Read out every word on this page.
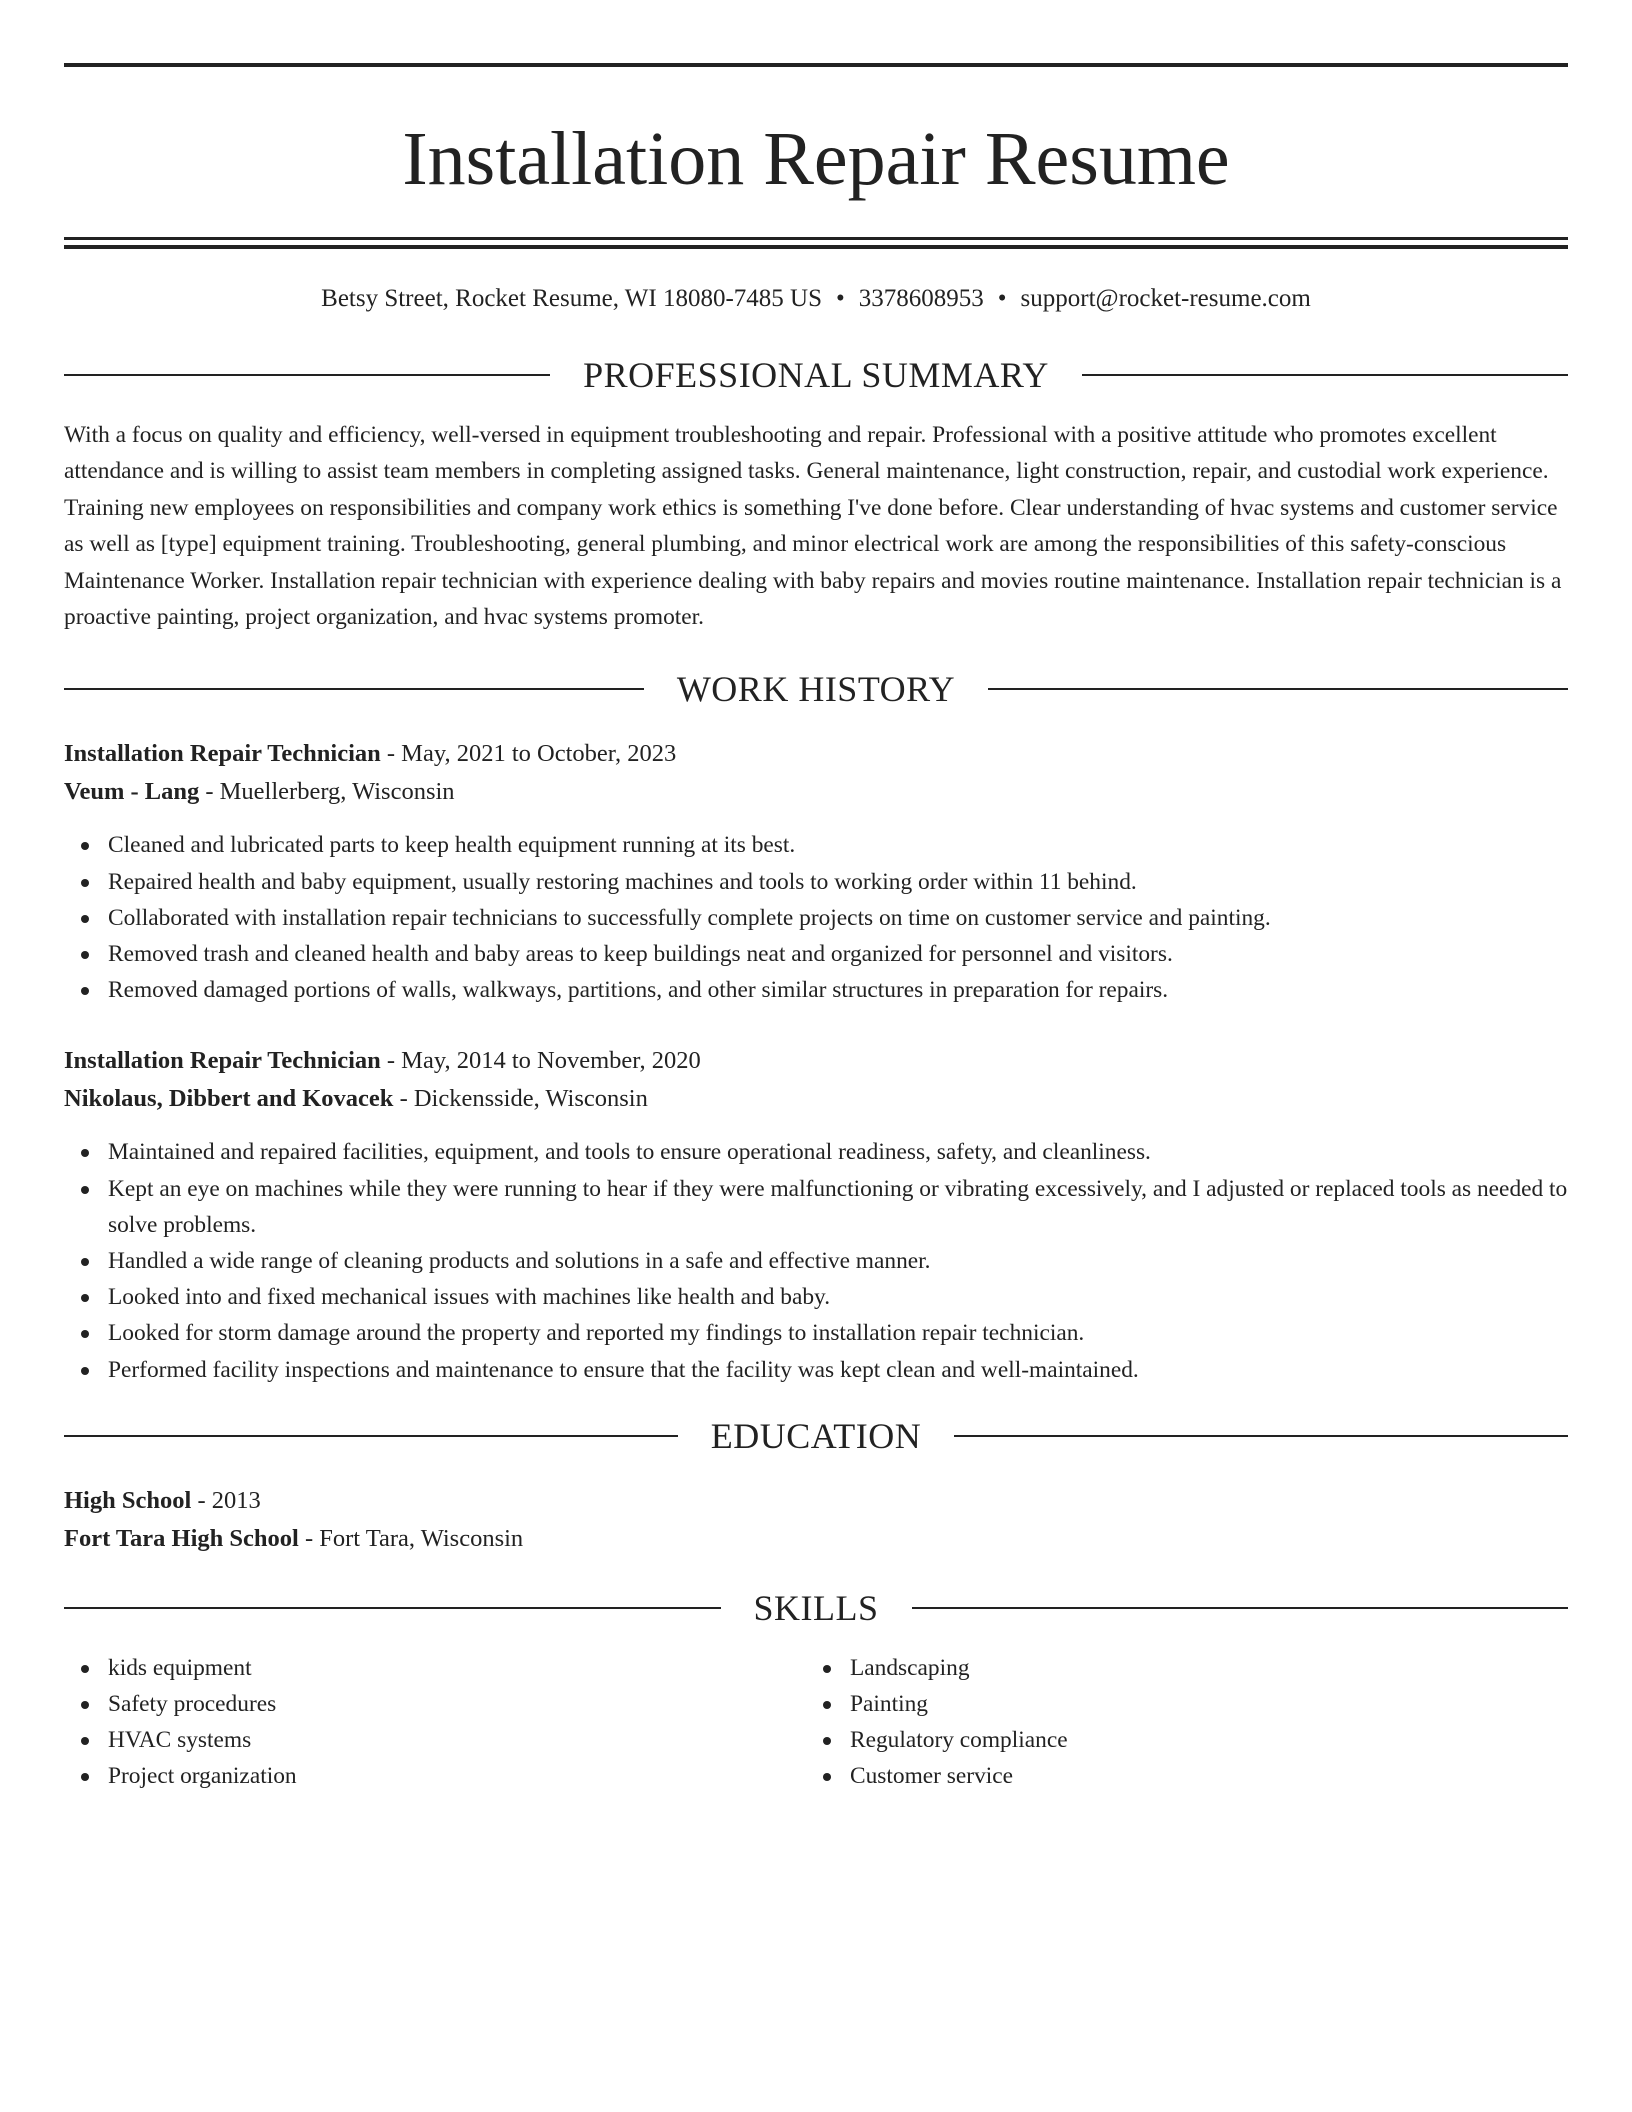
Installation Repair Resume
Betsy Street, Rocket Resume, WI 18080-7485 US • 3378608953 • support@rocket-resume.com
PROFESSIONAL SUMMARY

With a focus on quality and efficiency, well-versed in equipment troubleshooting and repair. Professional with a positive attitude who promotes excellent attendance and is willing to assist team members in completing assigned tasks. General maintenance, light construction, repair, and custodial work experience. Training new employees on responsibilities and company work ethics is something I've done before. Clear understanding of hvac systems and customer service as well as [type] equipment training. Troubleshooting, general plumbing, and minor electrical work are among the responsibilities of this safety-conscious Maintenance Worker. Installation repair technician with experience dealing with baby repairs and movies routine maintenance. Installation repair technician is a proactive painting, project organization, and hvac systems promoter.

WORK HISTORY
Installation Repair Technician - May, 2021 to October, 2023
Veum - Lang - Muellerberg, Wisconsin
Cleaned and lubricated parts to keep health equipment running at its best.
Repaired health and baby equipment, usually restoring machines and tools to working order within 11 behind.
Collaborated with installation repair technicians to successfully complete projects on time on customer service and painting.
Removed trash and cleaned health and baby areas to keep buildings neat and organized for personnel and visitors.
Removed damaged portions of walls, walkways, partitions, and other similar structures in preparation for repairs.
Installation Repair Technician - May, 2014 to November, 2020
Nikolaus, Dibbert and Kovacek - Dickensside, Wisconsin
Maintained and repaired facilities, equipment, and tools to ensure operational readiness, safety, and cleanliness.
Kept an eye on machines while they were running to hear if they were malfunctioning or vibrating excessively, and I adjusted or replaced tools as needed to solve problems.
Handled a wide range of cleaning products and solutions in a safe and effective manner.
Looked into and fixed mechanical issues with machines like health and baby.
Looked for storm damage around the property and reported my findings to installation repair technician.
Performed facility inspections and maintenance to ensure that the facility was kept clean and well-maintained.
EDUCATION
High School - 2013
Fort Tara High School - Fort Tara, Wisconsin
SKILLS
kids equipment
Safety procedures
HVAC systems
Project organization
Landscaping
Painting
Regulatory compliance
Customer service
